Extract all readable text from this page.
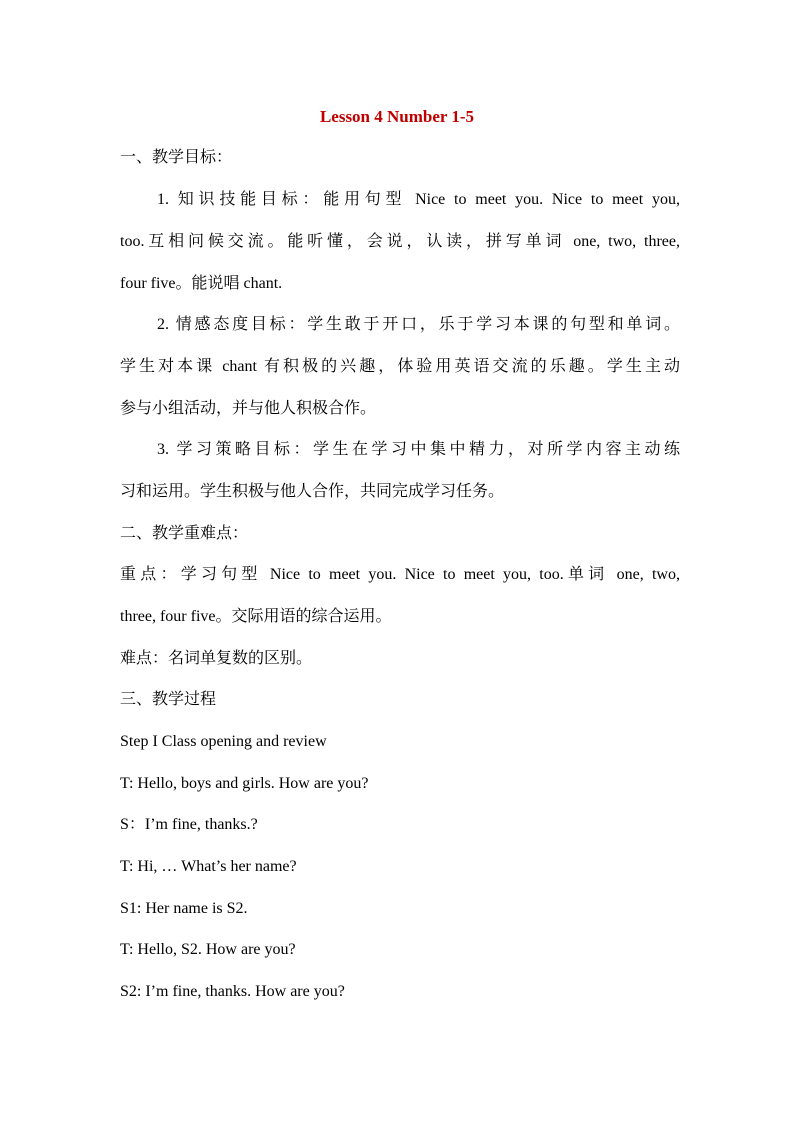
Lesson 4 Number 1-5
一、教学目标：
1. 知识技能目标：能用句型 Nice to meet you. Nice to meet you,
too.互相问候交流。能听懂，会说，认读，拼写单词 one, two, three,
four five。能说唱 chant.
2. 情感态度目标：学生敢于开口，乐于学习本课的句型和单词。
学生对本课 chant 有积极的兴趣，体验用英语交流的乐趣。学生主动
参与小组活动，并与他人积极合作。
3. 学习策略目标：学生在学习中集中精力，对所学内容主动练
习和运用。学生积极与他人合作，共同完成学习任务。
二、教学重难点：
重点：学习句型 Nice to meet you. Nice to meet you, too.单词 one, two,
three, four five。交际用语的综合运用。
难点：名词单复数的区别。
三、教学过程
Step I Class opening and review
T: Hello, boys and girls. How are you?
S：I’m fine, thanks.?
T: Hi, … What’s her name?
S1: Her name is S2.
T: Hello, S2. How are you?
S2: I’m fine, thanks. How are you?
